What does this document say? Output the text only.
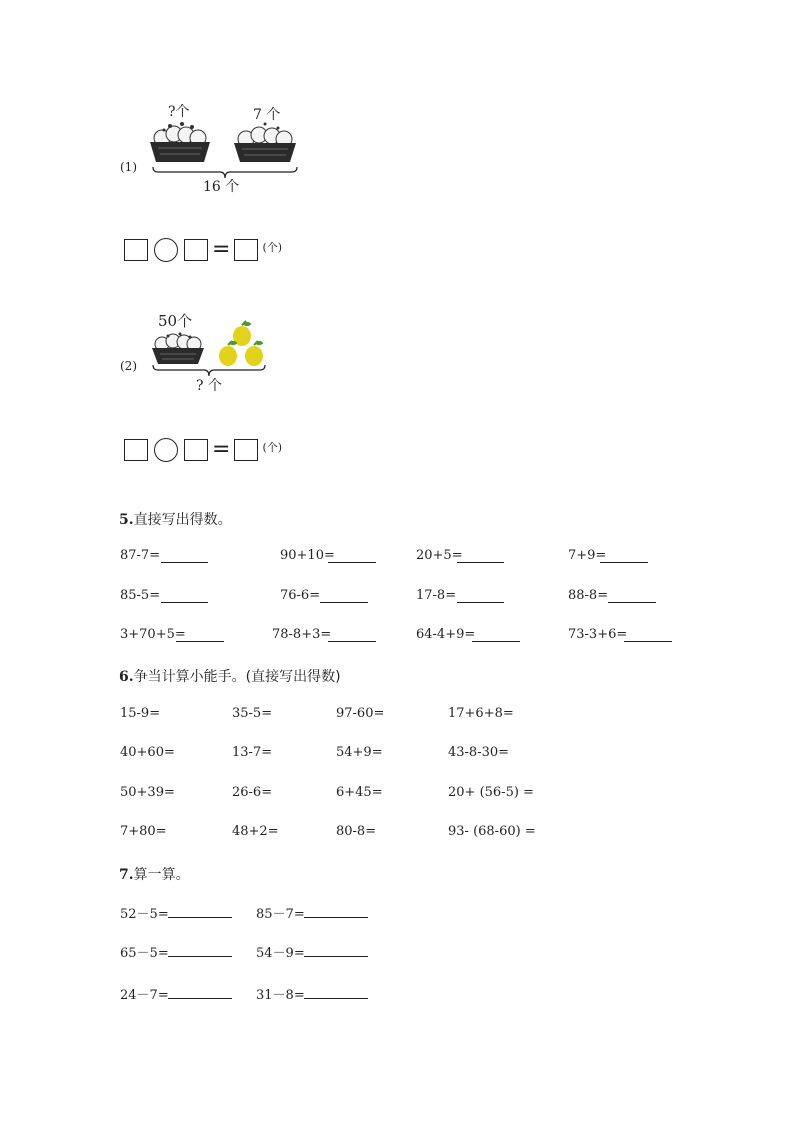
(1)
?个	7 个
16 个
=	(个)
50个
(2)
? 个
=	(个)
5.直接写出得数。
87-7=	90+10=	20+5=	7+9=
85-5=	76-6=	17-8=	88-8=
3+70+5=	78-8+3=	64-4+9=	73-3+6=
6.争当计算小能手。(直接写出得数)
15-9=	35-5=	97-60=	17+6+8=
40+60=	13-7=	54+9=	43-8-30=
50+39=	26-6=	6+45=	20+ (56-5) =
7+80=	48+2=	80-8=	93- (68-60) =
7.算一算。
52－5=	85－7=
65－5=	54－9=
24－7=	31－8=
